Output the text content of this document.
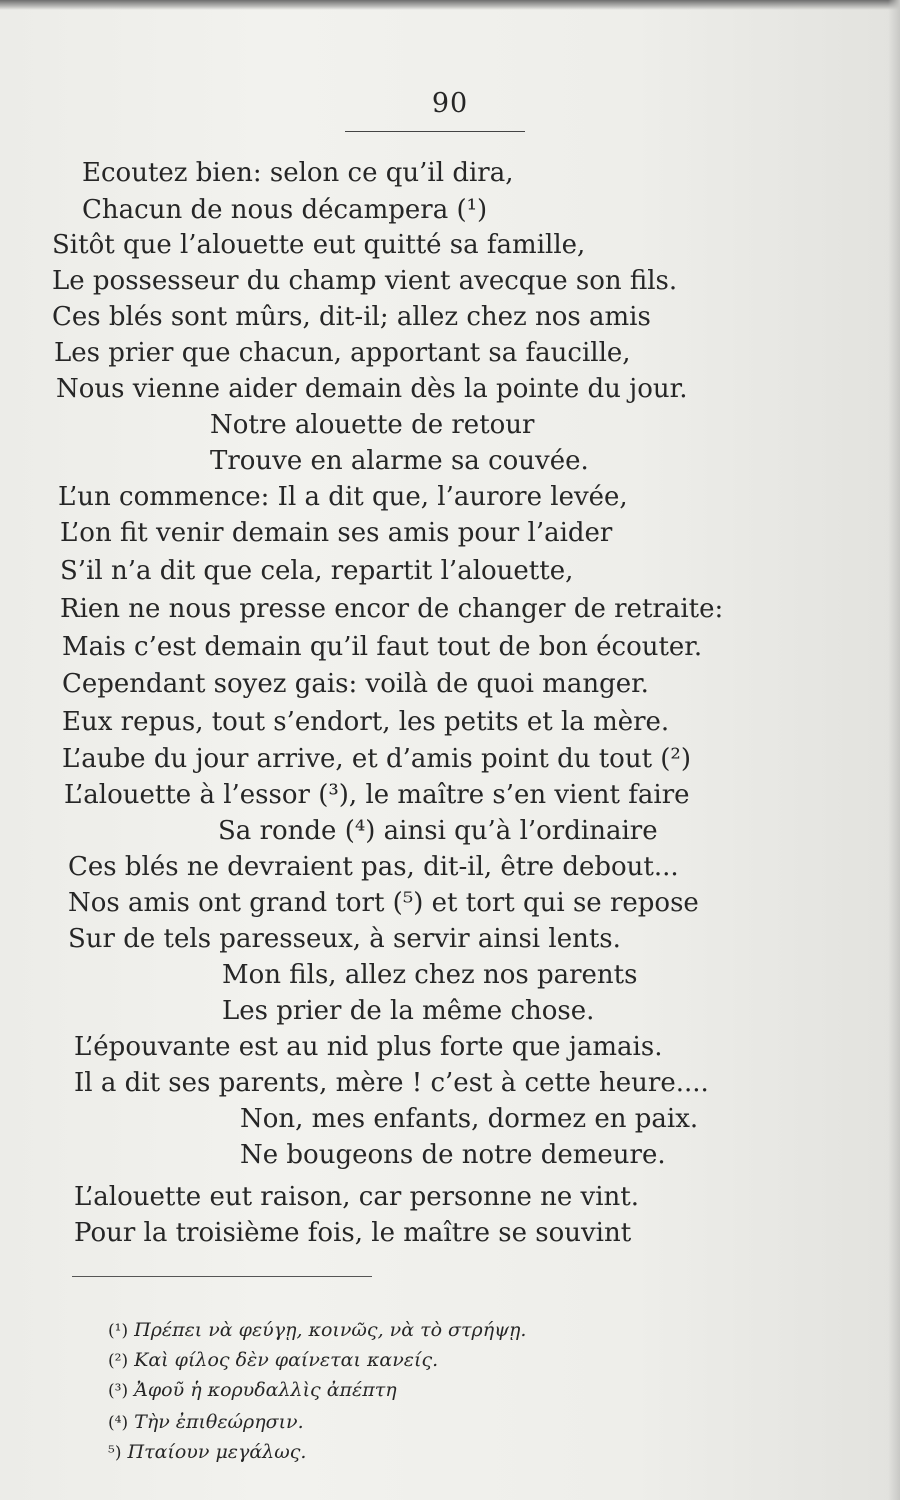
90
Ecoutez bien: selon ce qu’il dira,
Chacun de nous décampera (¹)
Sitôt que l’alouette eut quitté sa famille,
Le possesseur du champ vient avecque son fils.
Ces blés sont mûrs, dit-il; allez chez nos amis
Les prier que chacun, apportant sa faucille,
Nous vienne aider demain dès la pointe du jour.
Notre alouette de retour
Trouve en alarme sa couvée.
L’un commence: Il a dit que, l’aurore levée,
L’on fit venir demain ses amis pour l’aider
S’il n’a dit que cela, repartit l’alouette,
Rien ne nous presse encor de changer de retraite:
Mais c’est demain qu’il faut tout de bon écouter.
Cependant soyez gais: voilà de quoi manger.
Eux repus, tout s’endort, les petits et la mère.
L’aube du jour arrive, et d’amis point du tout (²)
L’alouette à l’essor (³), le maître s’en vient faire
Sa ronde (⁴) ainsi qu’à l’ordinaire
Ces blés ne devraient pas, dit-il, être debout...
Nos amis ont grand tort (⁵) et tort qui se repose
Sur de tels paresseux, à servir ainsi lents.
Mon fils, allez chez nos parents
Les prier de la même chose.
L’épouvante est au nid plus forte que jamais.
Il a dit ses parents, mère ! c’est à cette heure....
Non, mes enfants, dormez en paix.
Ne bougeons de notre demeure.
L’alouette eut raison, car personne ne vint.
Pour la troisième fois, le maître se souvint
(¹) Πρέπει νὰ φεύγῃ, κοινῶς, νὰ τὸ στρήψῃ.
(²) Καὶ φίλος δὲν φαίνεται κανείς.
(³) Ἀφοῦ ἡ κορυδαλλὶς ἀπέπτη
(⁴) Τὴν ἐπιθεώρησιν.
⁵) Πταίουν μεγάλως.
